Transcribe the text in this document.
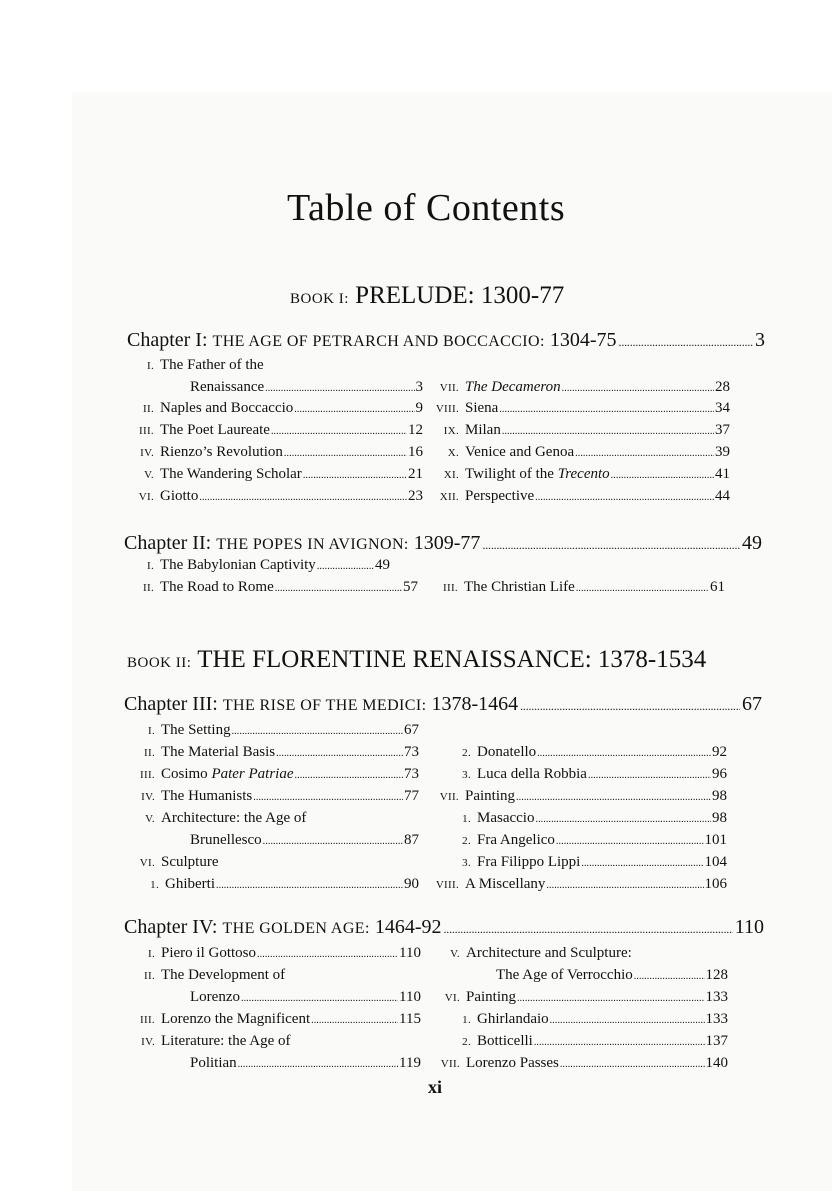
Table of Contents
BOOK I: PRELUDE: 1300-77
Chapter I: THE AGE OF PETRARCH AND BOCCACCIO: 1304-75 . . .	3
I. The Father of the
Renaissance . . .	3
II. Naples and Boccaccio . . .	9
III. The Poet Laureate . . .	12
IV. Rienzo’s Revolution . . .	16
V. The Wandering Scholar . . .	21
VI. Giotto . . .	23
VII. The Decameron . . .	28
VIII. Siena . . .	34
IX. Milan . . .	37
X. Venice and Genoa . . .	39
XI. Twilight of the Trecento . . .	41
XII. Perspective . . .	44
Chapter II: THE POPES IN AVIGNON: 1309-77 . . .	49
I. The Babylonian Captivity . . .	49
II. The Road to Rome . . .	57	III. The Christian Life . . .	61
BOOK II: THE FLORENTINE RENAISSANCE: 1378-1534
Chapter III: THE RISE OF THE MEDICI: 1378-1464 . . .	67
I. The Setting . . .	67
II. The Material Basis . . .	73
III. Cosimo Pater Patriae . . .	73
IV. The Humanists . . .	77
V. Architecture: the Age of
Brunellesco . . .	87
VI. Sculpture
1. Ghiberti . . .	90
2. Donatello . . .	92
3. Luca della Robbia . . .	96
VII. Painting . . .	98
1. Masaccio . . .	98
2. Fra Angelico . . .	101
3. Fra Filippo Lippi . . .	104
VIII. A Miscellany . . .	106
Chapter IV: THE GOLDEN AGE: 1464-92 . . .	110
I. Piero il Gottoso . . .	110
II. The Development of
Lorenzo . . .	110
III. Lorenzo the Magnificent . . .	115
IV. Literature: the Age of
Politian . . .	119
V. Architecture and Sculpture:
The Age of Verrocchio . . .	128
VI. Painting . . .	133
1. Ghirlandaio . . .	133
2. Botticelli . . .	137
VII. Lorenzo Passes . . .	140
xi
